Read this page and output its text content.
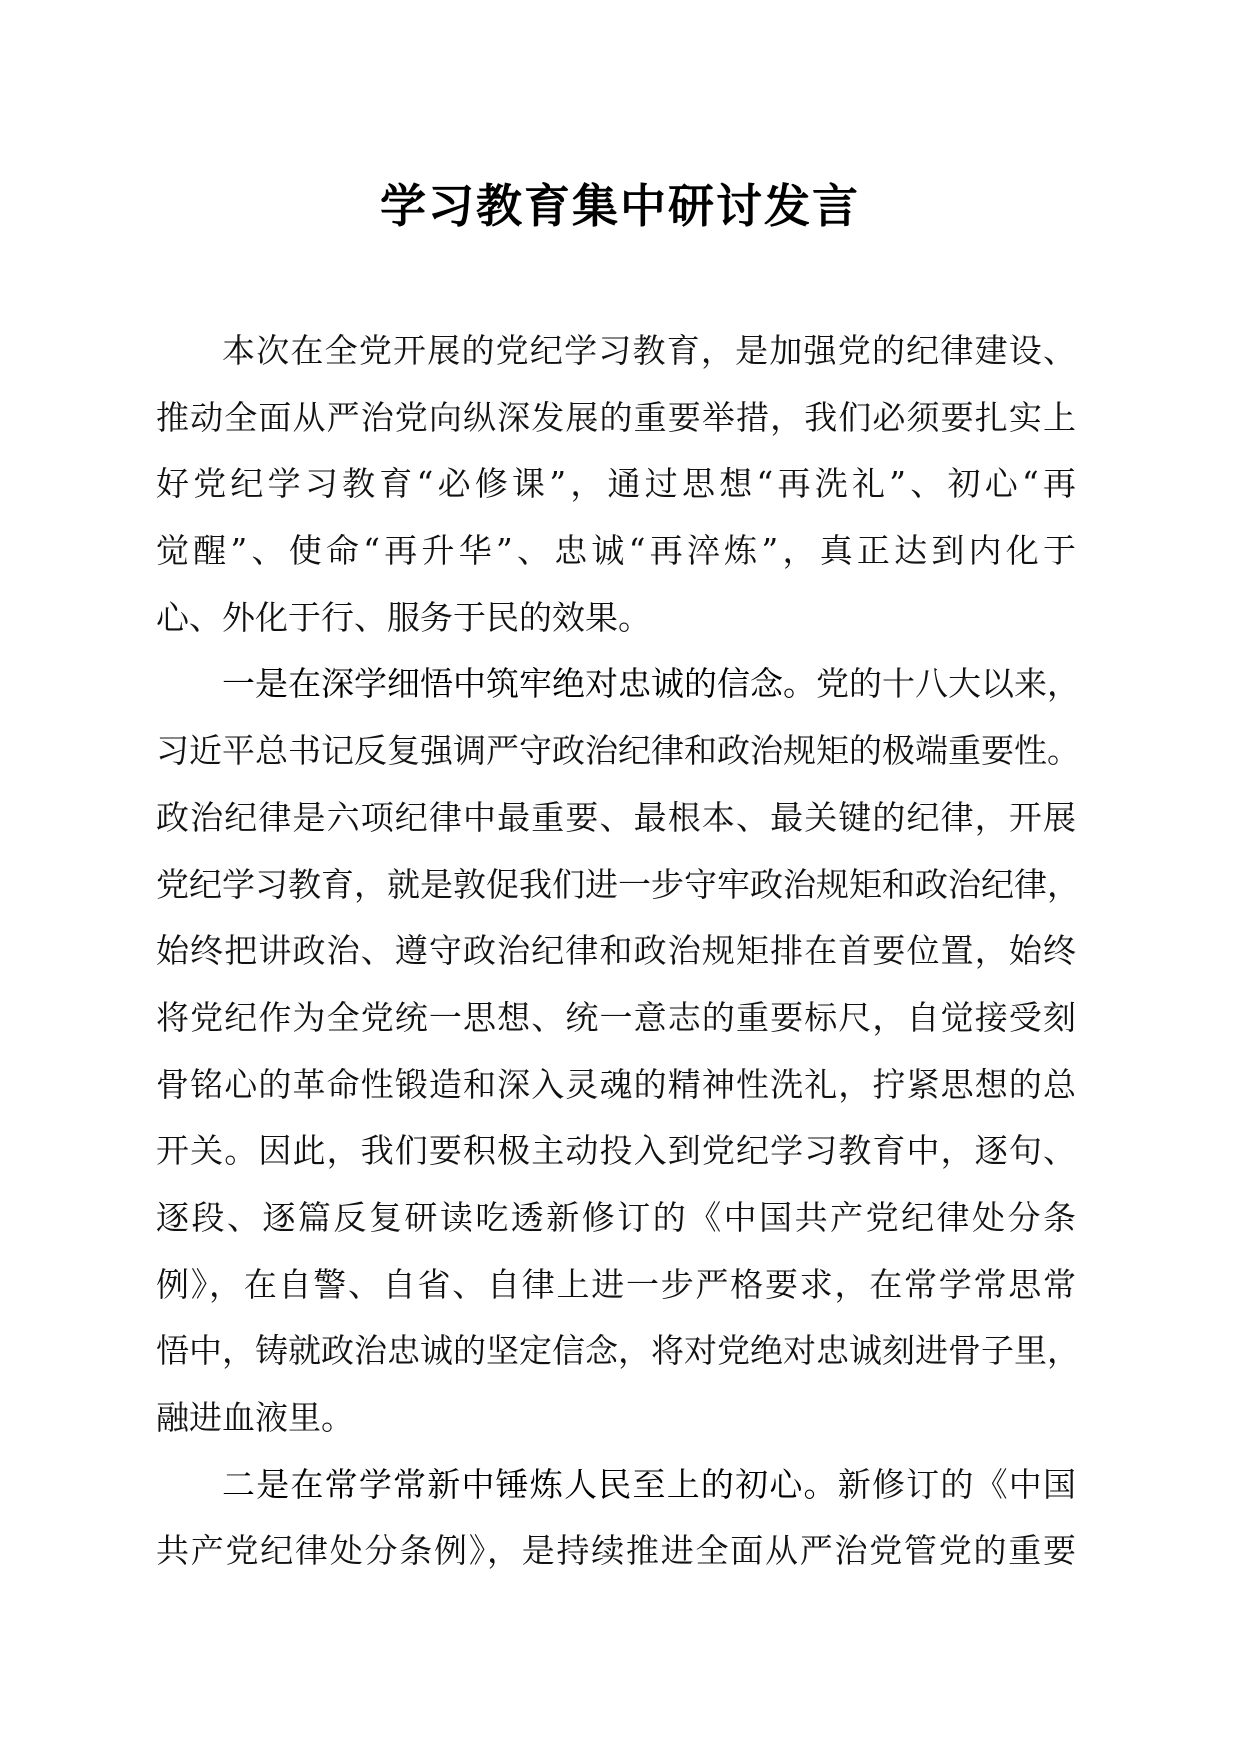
学习教育集中研讨发言
本次在全党开展的党纪学习教育，是加强党的纪律建设、
推动全面从严治党向纵深发展的重要举措，我们必须要扎实上
好党纪学习教育“必修课”，通过思想“再洗礼”、初心“再
觉醒”、使命“再升华”、忠诚“再淬炼”，真正达到内化于
心、外化于行、服务于民的效果。
一是在深学细悟中筑牢绝对忠诚的信念。党的十八大以来，
习近平总书记反复强调严守政治纪律和政治规矩的极端重要性。
政治纪律是六项纪律中最重要、最根本、最关键的纪律，开展
党纪学习教育，就是敦促我们进一步守牢政治规矩和政治纪律，
始终把讲政治、遵守政治纪律和政治规矩排在首要位置，始终
将党纪作为全党统一思想、统一意志的重要标尺，自觉接受刻
骨铭心的革命性锻造和深入灵魂的精神性洗礼，拧紧思想的总
开关。因此，我们要积极主动投入到党纪学习教育中，逐句、
逐段、逐篇反复研读吃透新修订的《中国共产党纪律处分条
例》，在自警、自省、自律上进一步严格要求，在常学常思常
悟中，铸就政治忠诚的坚定信念，将对党绝对忠诚刻进骨子里，
融进血液里。
二是在常学常新中锤炼人民至上的初心。新修订的《中国
共产党纪律处分条例》，是持续推进全面从严治党管党的重要
